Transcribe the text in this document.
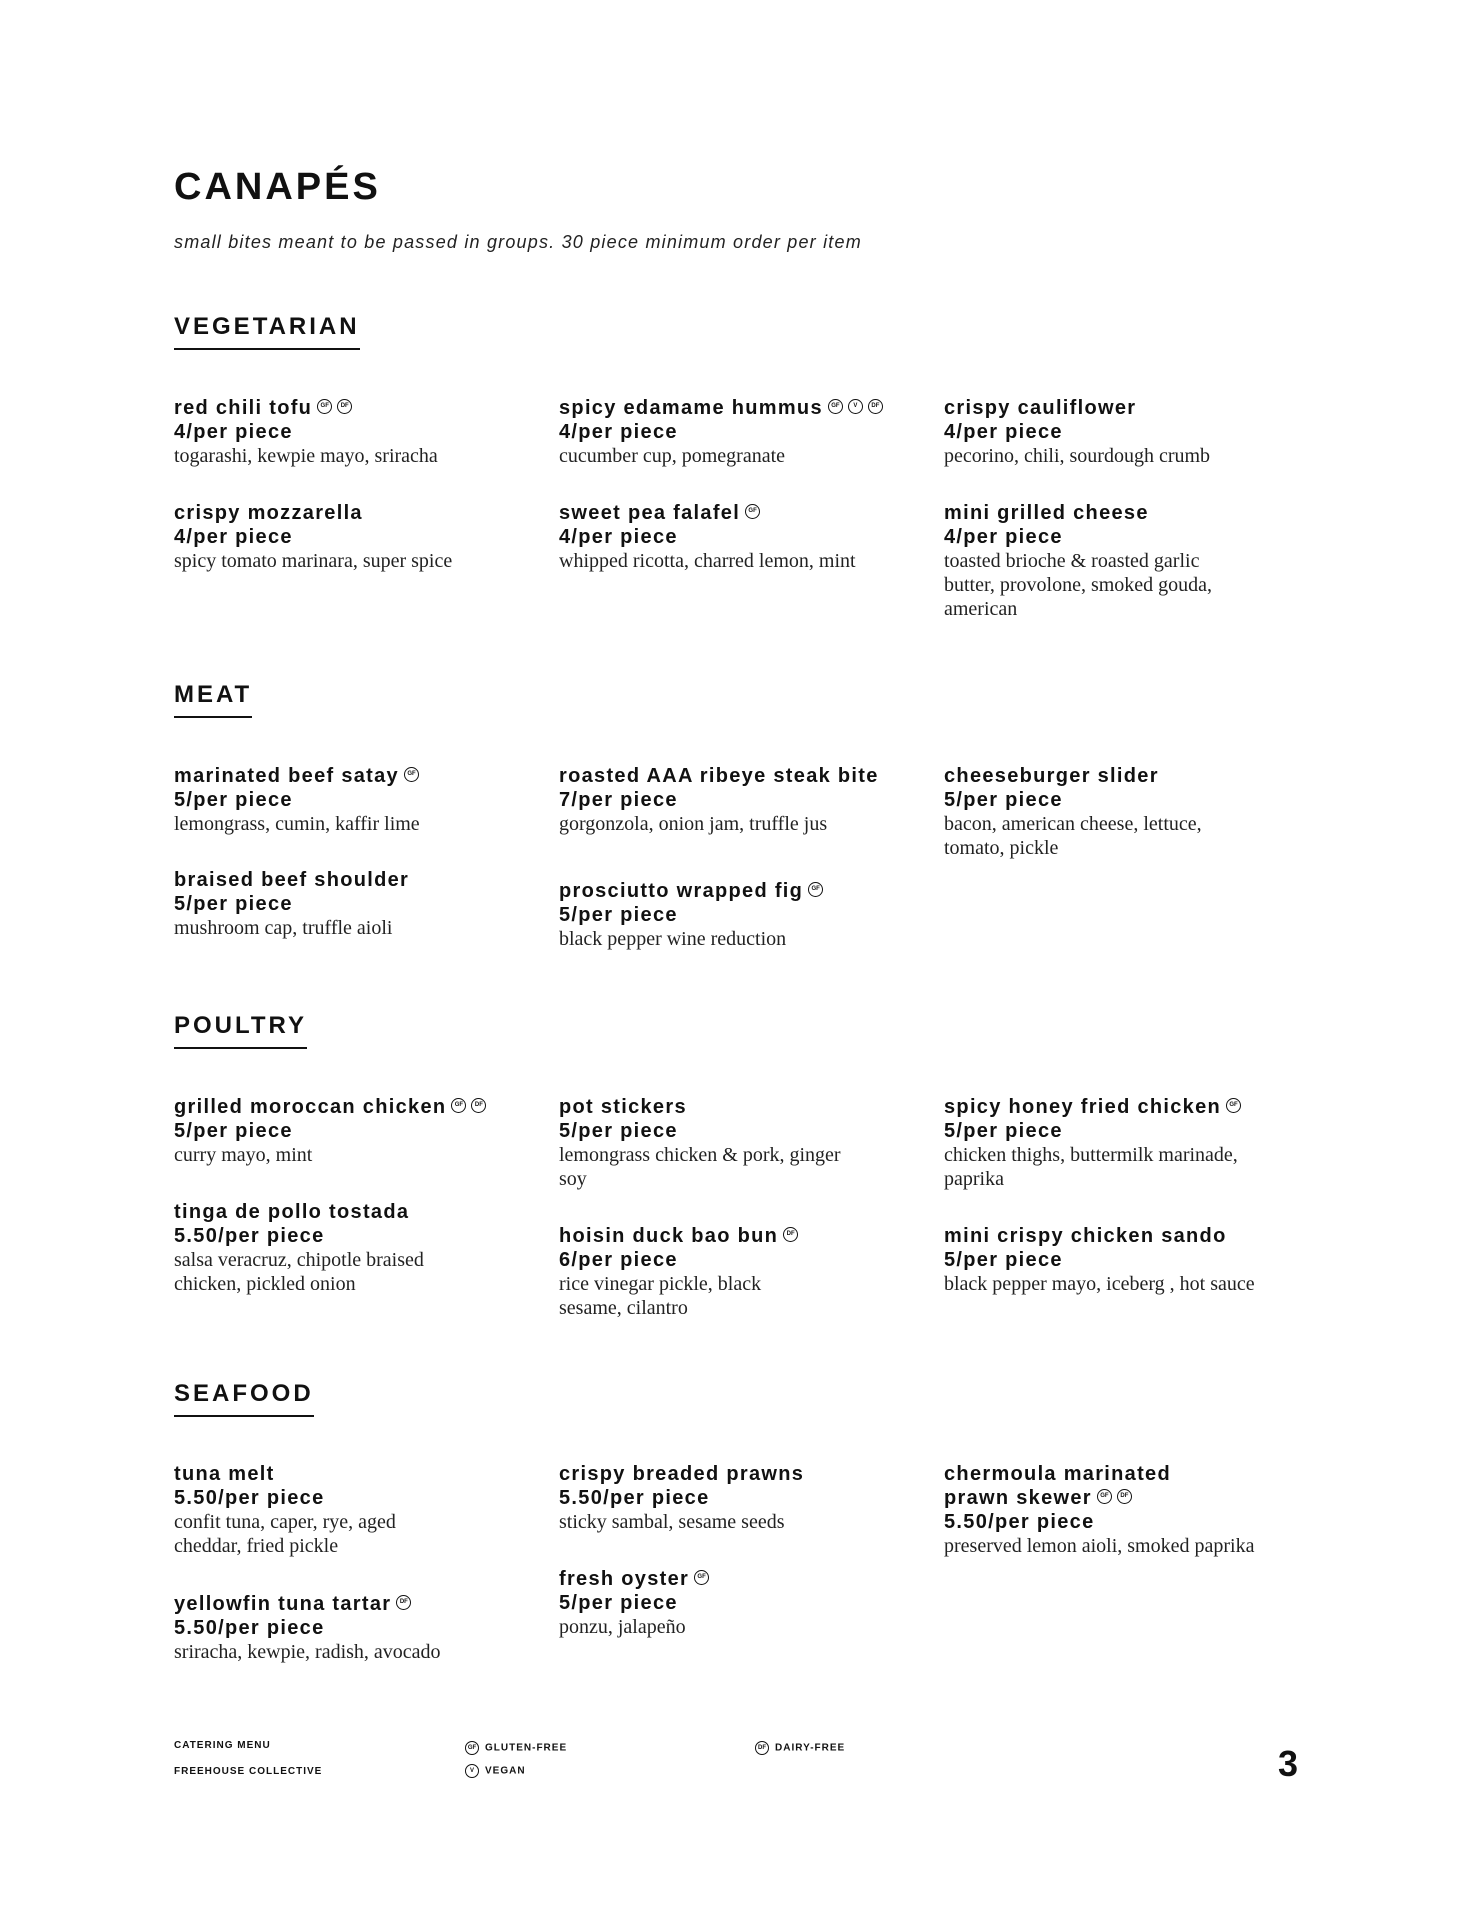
CANAPÉS

small bites meant to be passed in groups. 30 piece minimum order per item

VEGETARIAN
red chili tofu GF DF
4/per piece
togarashi, kewpie mayo, sriracha
spicy edamame hummus GF V DF
4/per piece
cucumber cup, pomegranate
crispy cauliflower
4/per piece
pecorino, chili, sourdough crumb
crispy mozzarella
4/per piece
spicy tomato marinara, super spice
sweet pea falafel GF
4/per piece
whipped ricotta, charred lemon, mint
mini grilled cheese
4/per piece
toasted brioche & roasted garlic butter, provolone, smoked gouda, american
MEAT
marinated beef satay GF
5/per piece
lemongrass, cumin, kaffir lime
roasted AAA ribeye steak bite
7/per piece
gorgonzola, onion jam, truffle jus
cheeseburger slider
5/per piece
bacon, american cheese, lettuce, tomato, pickle
braised beef shoulder
5/per piece
mushroom cap, truffle aioli
prosciutto wrapped fig GF
5/per piece
black pepper wine reduction
POULTRY
grilled moroccan chicken GF DF
5/per piece
curry mayo, mint
pot stickers
5/per piece
lemongrass chicken & pork, ginger soy
spicy honey fried chicken GF
5/per piece
chicken thighs, buttermilk marinade, paprika
tinga de pollo tostada
5.50/per piece
salsa veracruz, chipotle braised chicken, pickled onion
hoisin duck bao bun DF
6/per piece
rice vinegar pickle, black sesame, cilantro
mini crispy chicken sando
5/per piece
black pepper mayo, iceberg , hot sauce
SEAFOOD
tuna melt
5.50/per piece
confit tuna, caper, rye, aged cheddar, fried pickle
crispy breaded prawns
5.50/per piece
sticky sambal, sesame seeds
chermoula marinated prawn skewer GF DF
5.50/per piece
preserved lemon aioli, smoked paprika
yellowfin tuna tartar DF
5.50/per piece
sriracha, kewpie, radish, avocado
fresh oyster GF
5/per piece
ponzu, jalapeño
CATERING MENU
FREEHOUSE COLLECTIVE
GF GLUTEN-FREE
V VEGAN
DF DAIRY-FREE	3
